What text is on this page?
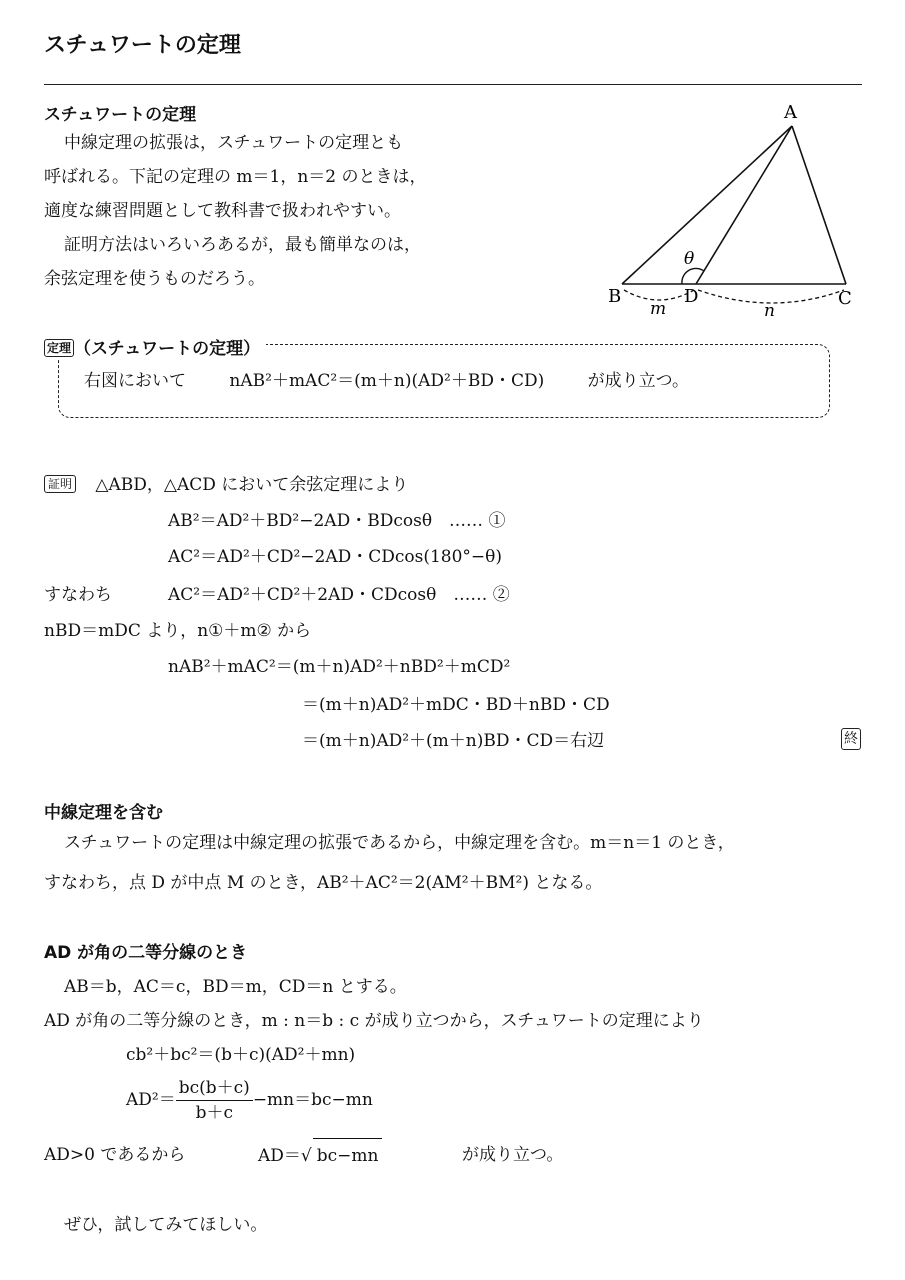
スチュワートの定理
スチュワートの定理

中線定理の拡張は，スチュワートの定理とも

呼ばれる。下記の定理の m＝1，n＝2 のときは，

適度な練習問題として教科書で扱われやすい。

証明方法はいろいろあるが，最も簡単なのは，

余弦定理を使うものだろう。

A
B	C
D
θ
m	n
定理 （スチュワートの定理）
右図において	nAB²＋mAC²＝(m＋n)(AD²＋BD・CD)	が成り立つ。
証明 △ABD，△ACD において余弦定理により
AB²＝AD²＋BD²−2AD・BDcosθ　…… ①
AC²＝AD²＋CD²−2AD・CDcos(180°−θ)
すなわち	AC²＝AD²＋CD²＋2AD・CDcosθ　…… ②
nBD＝mDC より，n①＋m② から
nAB²＋mAC²＝(m＋n)AD²＋nBD²＋mCD²
＝(m＋n)AD²＋mDC・BD＋nBD・CD
＝(m＋n)AD²＋(m＋n)BD・CD＝右辺	終
中線定理を含む
スチュワートの定理は中線定理の拡張であるから，中線定理を含む。m＝n＝1 のとき，
すなわち，点 D が中点 M のとき，AB²＋AC²＝2(AM²＋BM²) となる。
AD が角の二等分線のとき
AB＝b，AC＝c，BD＝m，CD＝n とする。
AD が角の二等分線のとき，m : n＝b : c が成り立つから，スチュワートの定理により
cb²＋bc²＝(b＋c)(AD²＋mn)
$AD^2= \frac{bc(b+c)}{b+c} -mn=bc-mn$
AD>0 であるから	AD＝√ bc−mn	が成り立つ。
ぜひ，試してみてほしい。
